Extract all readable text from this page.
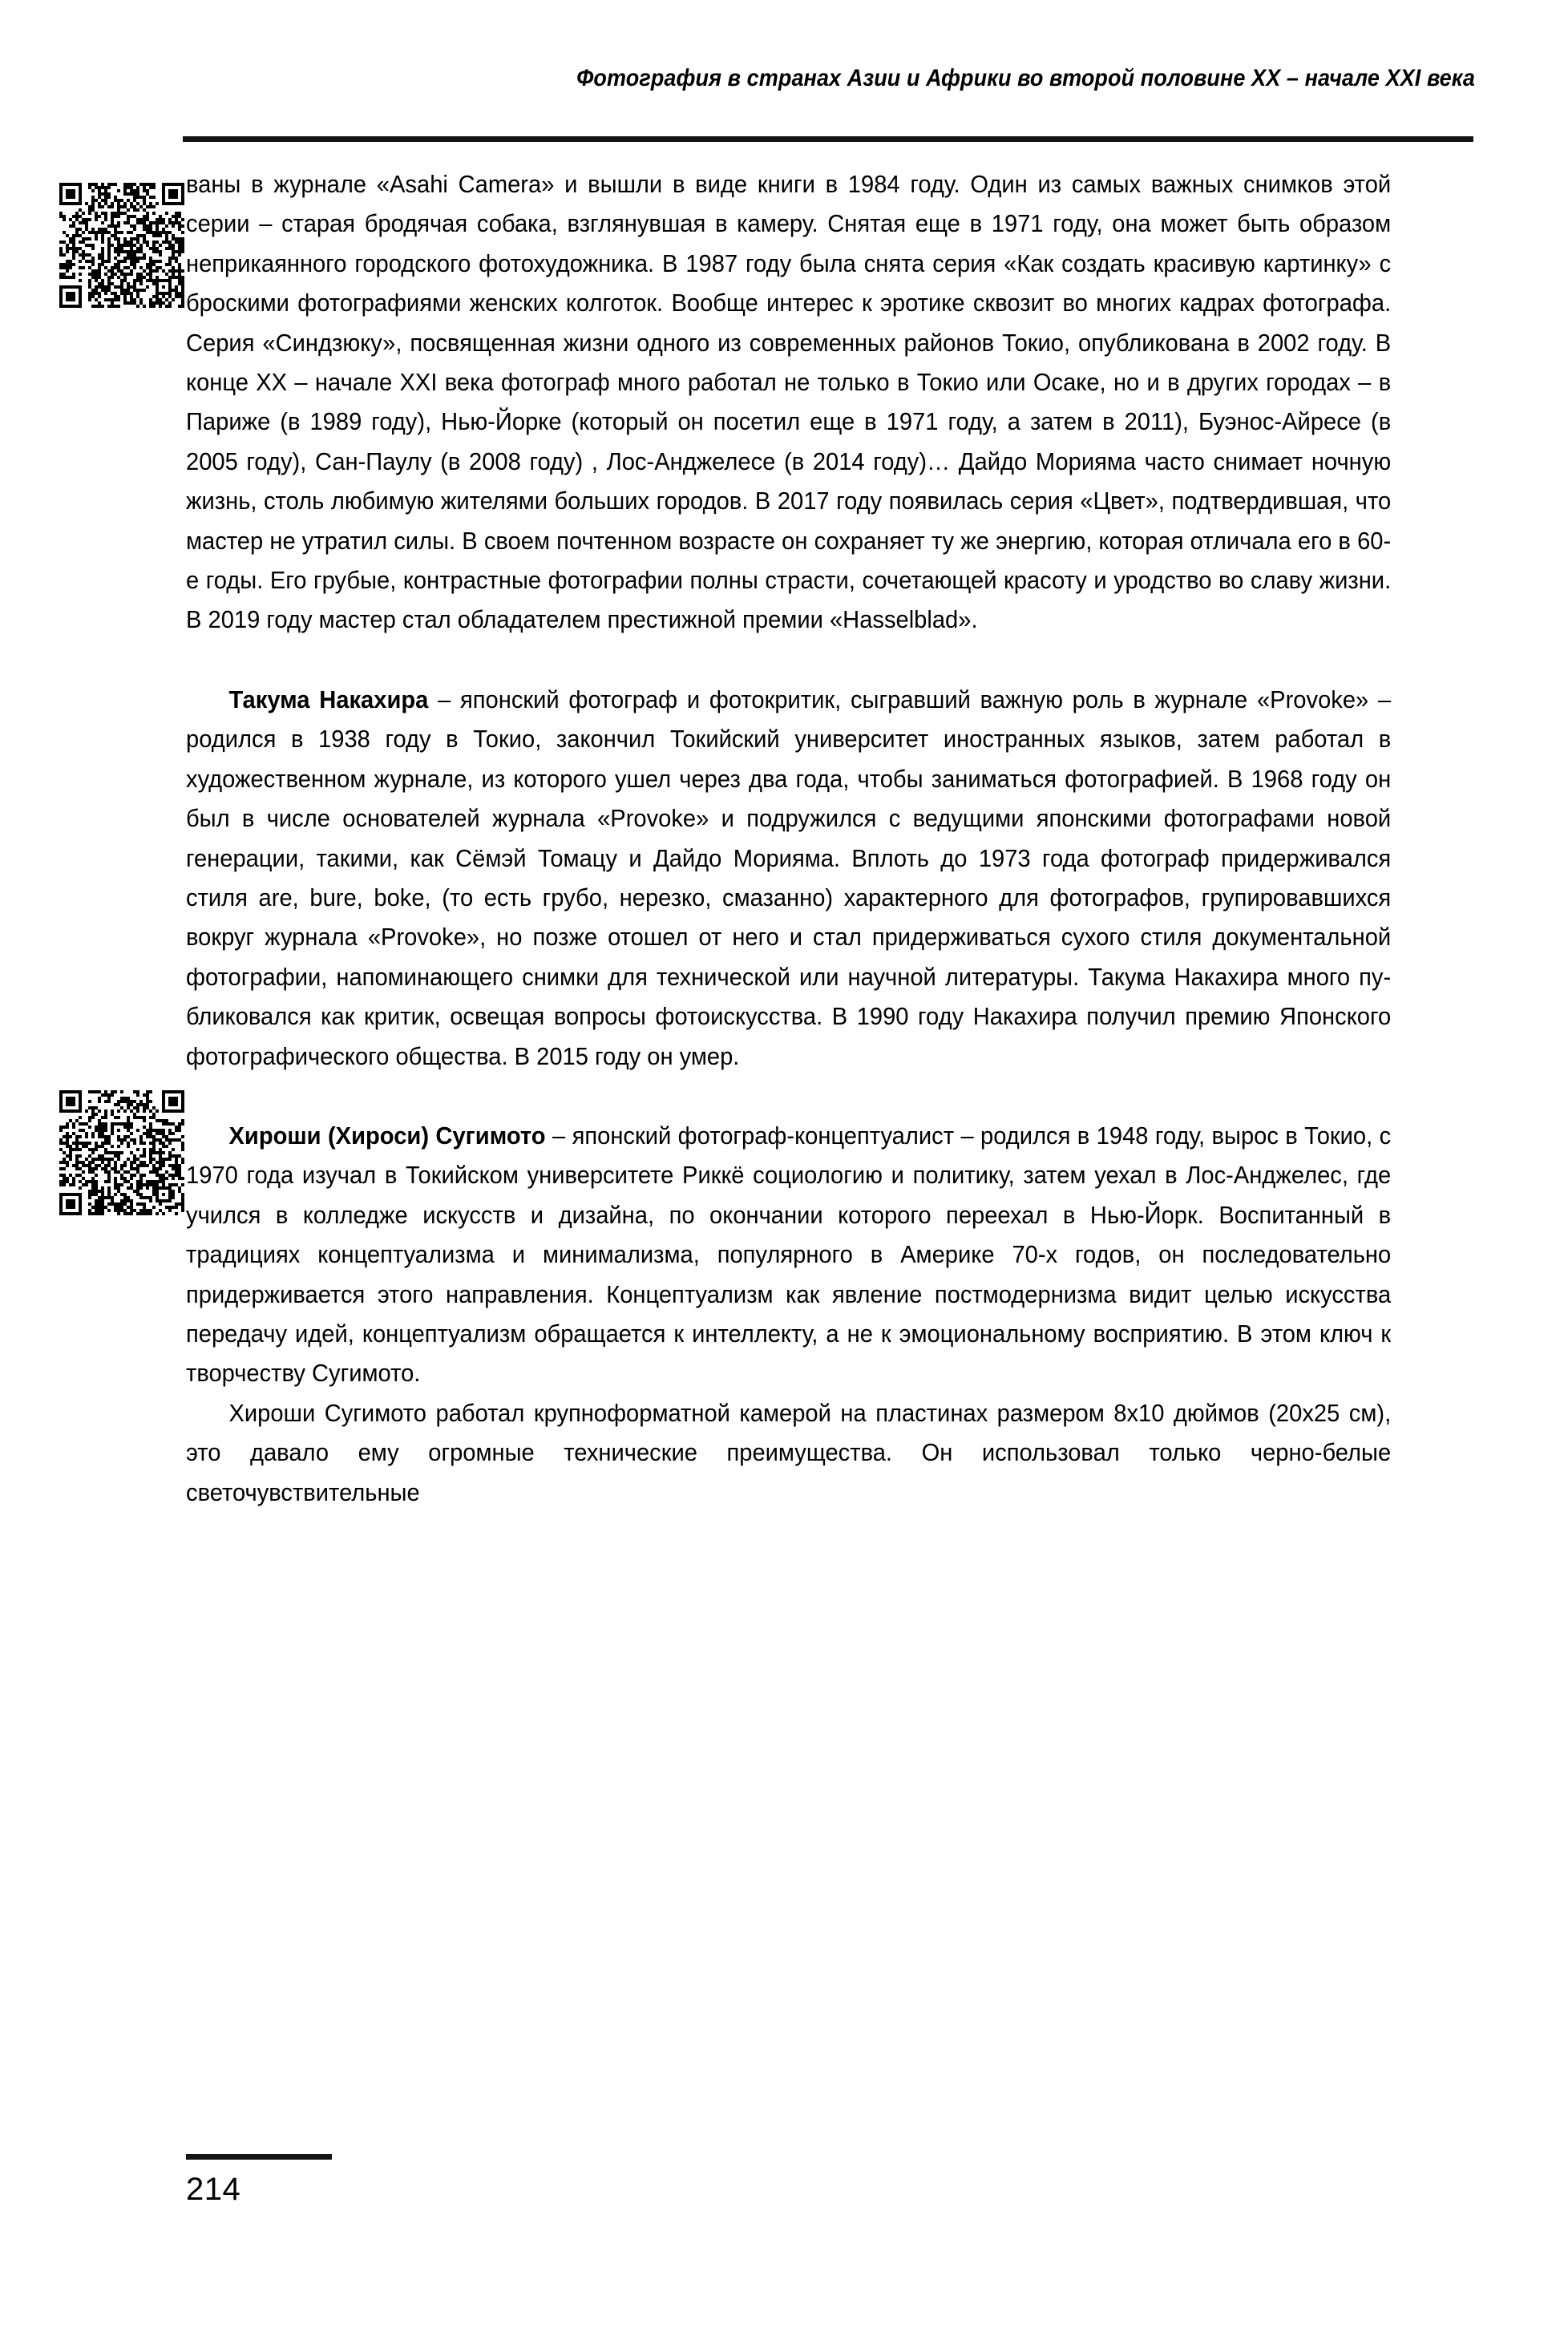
Фотография в странах Азии и Африки во второй половине XX – начале XXI века

ваны в журнале «Asahi Camera» и вышли в виде книги в 1984 году. Один из самых важных снимков этой серии – старая бродячая собака, взглянувшая в камеру. Снятая еще в 1971 году, она может быть образом неприкаянного городского фотохудожника. В 1987 году была снята серия «Как создать красивую картинку» с броскими фотографиями женских колготок. Вообще интерес к эротике сквозит во многих кадрах фотографа. Серия «Синдзюку», посвященная жизни одного из современных районов Токио, опубликована в 2002 году. В конце XX – начале XXI века фотограф много работал не только в Токио или Осаке, но и в других городах – в Париже (в 1989 году), Нью-Йорке (который он посетил еще в 1971 году, а затем в 2011), Буэнос-Айресе (в 2005 году), Сан-Паулу (в 2008 году) , Лос-Анджелесе (в 2014 году)… Дайдо Морияма часто снимает ночную жизнь, столь любимую жителями больших городов. В 2017 году появилась серия «Цвет», подтвердившая, что мастер не утратил силы. В своем почтенном возрасте он сохраняет ту же энергию, которая отличала его в 60-е годы. Его грубые, контрастные фотографии полны страсти, сочетающей красоту и уродство во славу жизни. В 2019 году мастер стал обладателем престижной премии «Hasselblad».

Такума Накахира – японский фотограф и фотокритик, сыгравший важную роль в журнале «Provoke» – родился в 1938 году в Токио, закончил Токийский университет иностранных языков, затем работал в художественном журнале, из которого ушел через два года, чтобы заниматься фотографией. В 1968 году он был в числе основателей журнала «Provoke» и подружился с ведущими японскими фотографами новой генерации, такими, как Сёмэй Томацу и Дайдо Морияма. Вплоть до 1973 года фотограф придерживался стиля are, bure, boke, (то есть грубо, нерезко, смазанно) характерного для фотографов, групировавшихся вокруг журнала «Provoke», но позже отошел от него и стал придерживаться сухого стиля документальной фотографии, напоминающего снимки для технической или научной литературы. Такума Накахира много публиковался как критик, освещая вопросы фотоискусства. В 1990 году Накахира получил премию Японского фотографического общества. В 2015 году он умер.

Хироши (Хироси) Сугимото – японский фотограф-концептуалист – родился в 1948 году, вырос в Токио, с 1970 года изучал в Токийском университете Риккё социологию и политику, затем уехал в Лос-Анджелес, где учился в колледже искусств и дизайна, по окончании которого переехал в Нью-Йорк. Воспитанный в традициях концептуализма и минимализма, популярного в Америке 70-х годов, он последовательно придерживается этого направления. Концептуализм как явление постмодернизма видит целью искусства передачу идей, концептуализм обращается к интеллекту, а не к эмоциональному восприятию. В этом ключ к творчеству Сугимото.

Хироши Сугимото работал крупноформатной камерой на пластинах размером 8х10 дюймов (20х25 см), это давало ему огромные технические преимущества. Он использовал только черно-белые светочувствительные

214
